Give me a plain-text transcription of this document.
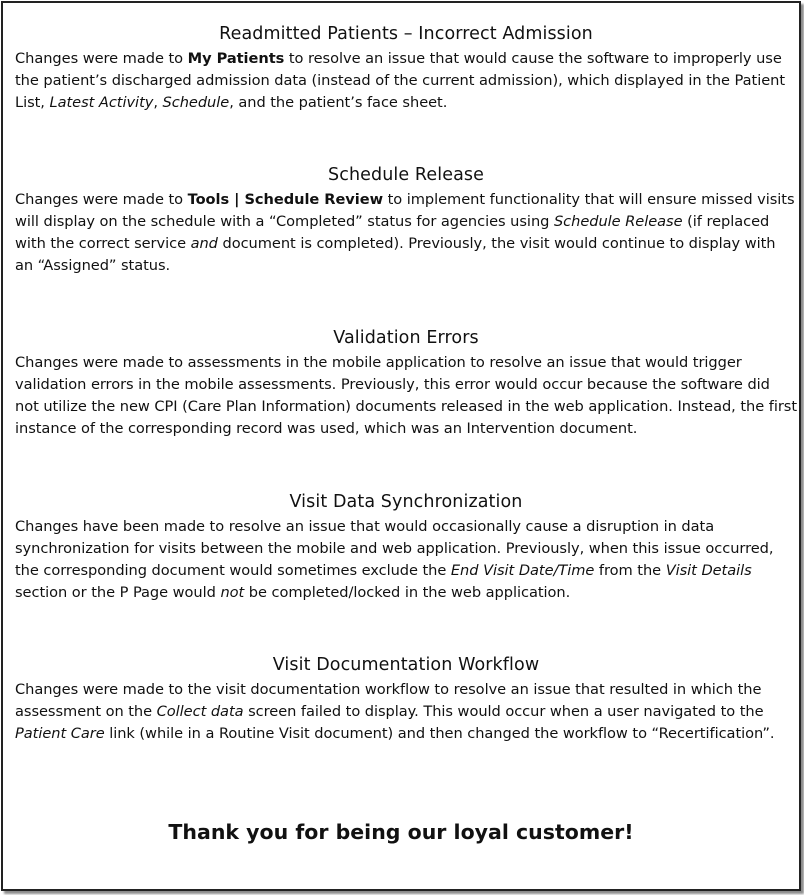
Readmitted Patients – Incorrect Admission

Changes were made to My Patients to resolve an issue that would cause the software to improperly use the patient’s discharged admission data (instead of the current admission), which displayed in the Patient List, Latest Activity, Schedule, and the patient’s face sheet.

Schedule Release

Changes were made to Tools | Schedule Review to implement functionality that will ensure missed visits will display on the schedule with a “Completed” status for agencies using Schedule Release (if replaced with the correct service and document is completed). Previously, the visit would continue to display with an “Assigned” status.

Validation Errors

Changes were made to assessments in the mobile application to resolve an issue that would trigger validation errors in the mobile assessments. Previously, this error would occur because the software did not utilize the new CPI (Care Plan Information) documents released in the web application. Instead, the first instance of the corresponding record was used, which was an Intervention document.

Visit Data Synchronization

Changes have been made to resolve an issue that would occasionally cause a disruption in data synchronization for visits between the mobile and web application. Previously, when this issue occurred, the corresponding document would sometimes exclude the End Visit Date/Time from the Visit Details section or the P Page would not be completed/locked in the web application.

Visit Documentation Workflow

Changes were made to the visit documentation workflow to resolve an issue that resulted in which the assessment on the Collect data screen failed to display. This would occur when a user navigated to the Patient Care link (while in a Routine Visit document) and then changed the workflow to “Recertification”.

Thank you for being our loyal customer!
